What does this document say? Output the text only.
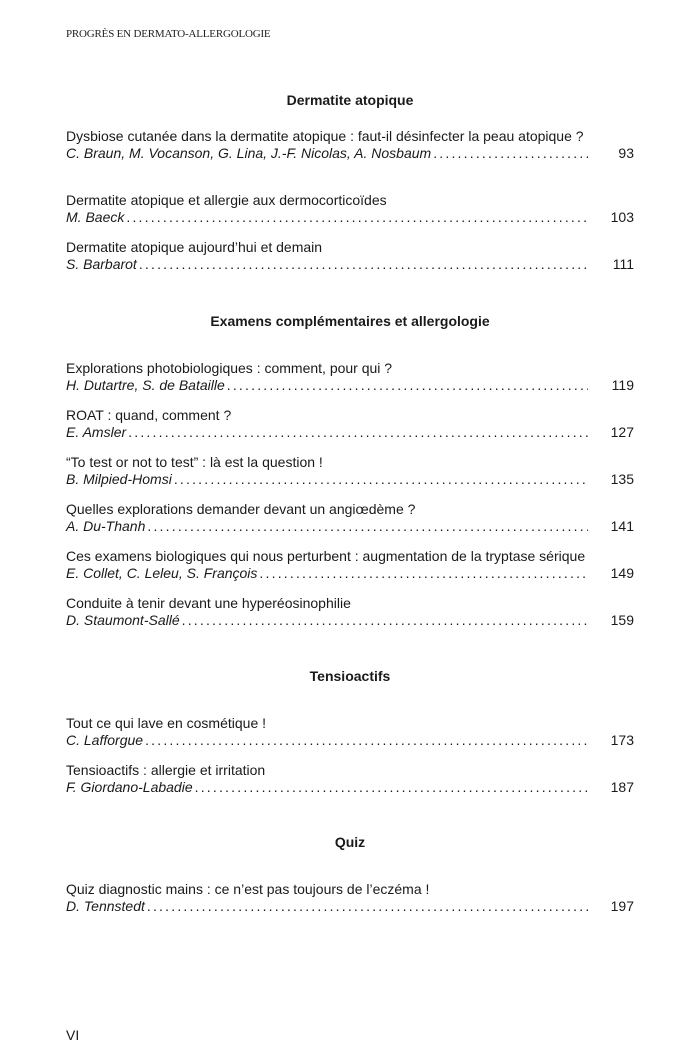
PROGRÈS EN DERMATO-ALLERGOLOGIE
Dermatite atopique
Dysbiose cutanée dans la dermatite atopique : faut-il désinfecter la peau atopique ?
C. Braun, M. Vocanson, G. Lina, J.-F. Nicolas, A. Nosbaum .....	93
Dermatite atopique et allergie aux dermocorticoïdes
M. Baeck .....	103
Dermatite atopique aujourd’hui et demain
S. Barbarot .....	111
Examens complémentaires et allergologie
Explorations photobiologiques : comment, pour qui ?
H. Dutartre, S. de Bataille .....	119
ROAT : quand, comment ?
E. Amsler .....	127
“To test or not to test” : là est la question !
B. Milpied-Homsi .....	135
Quelles explorations demander devant un angiœdème ?
A. Du-Thanh .....	141
Ces examens biologiques qui nous perturbent : augmentation de la tryptase sérique
E. Collet, C. Leleu, S. François .....	149
Conduite à tenir devant une hyperéosinophilie
D. Staumont-Sallé .....	159
Tensioactifs
Tout ce qui lave en cosmétique !
C. Lafforgue .....	173
Tensioactifs : allergie et irritation
F. Giordano-Labadie .....	187
Quiz
Quiz diagnostic mains : ce n’est pas toujours de l’eczéma !
D. Tennstedt .....	197
VI
